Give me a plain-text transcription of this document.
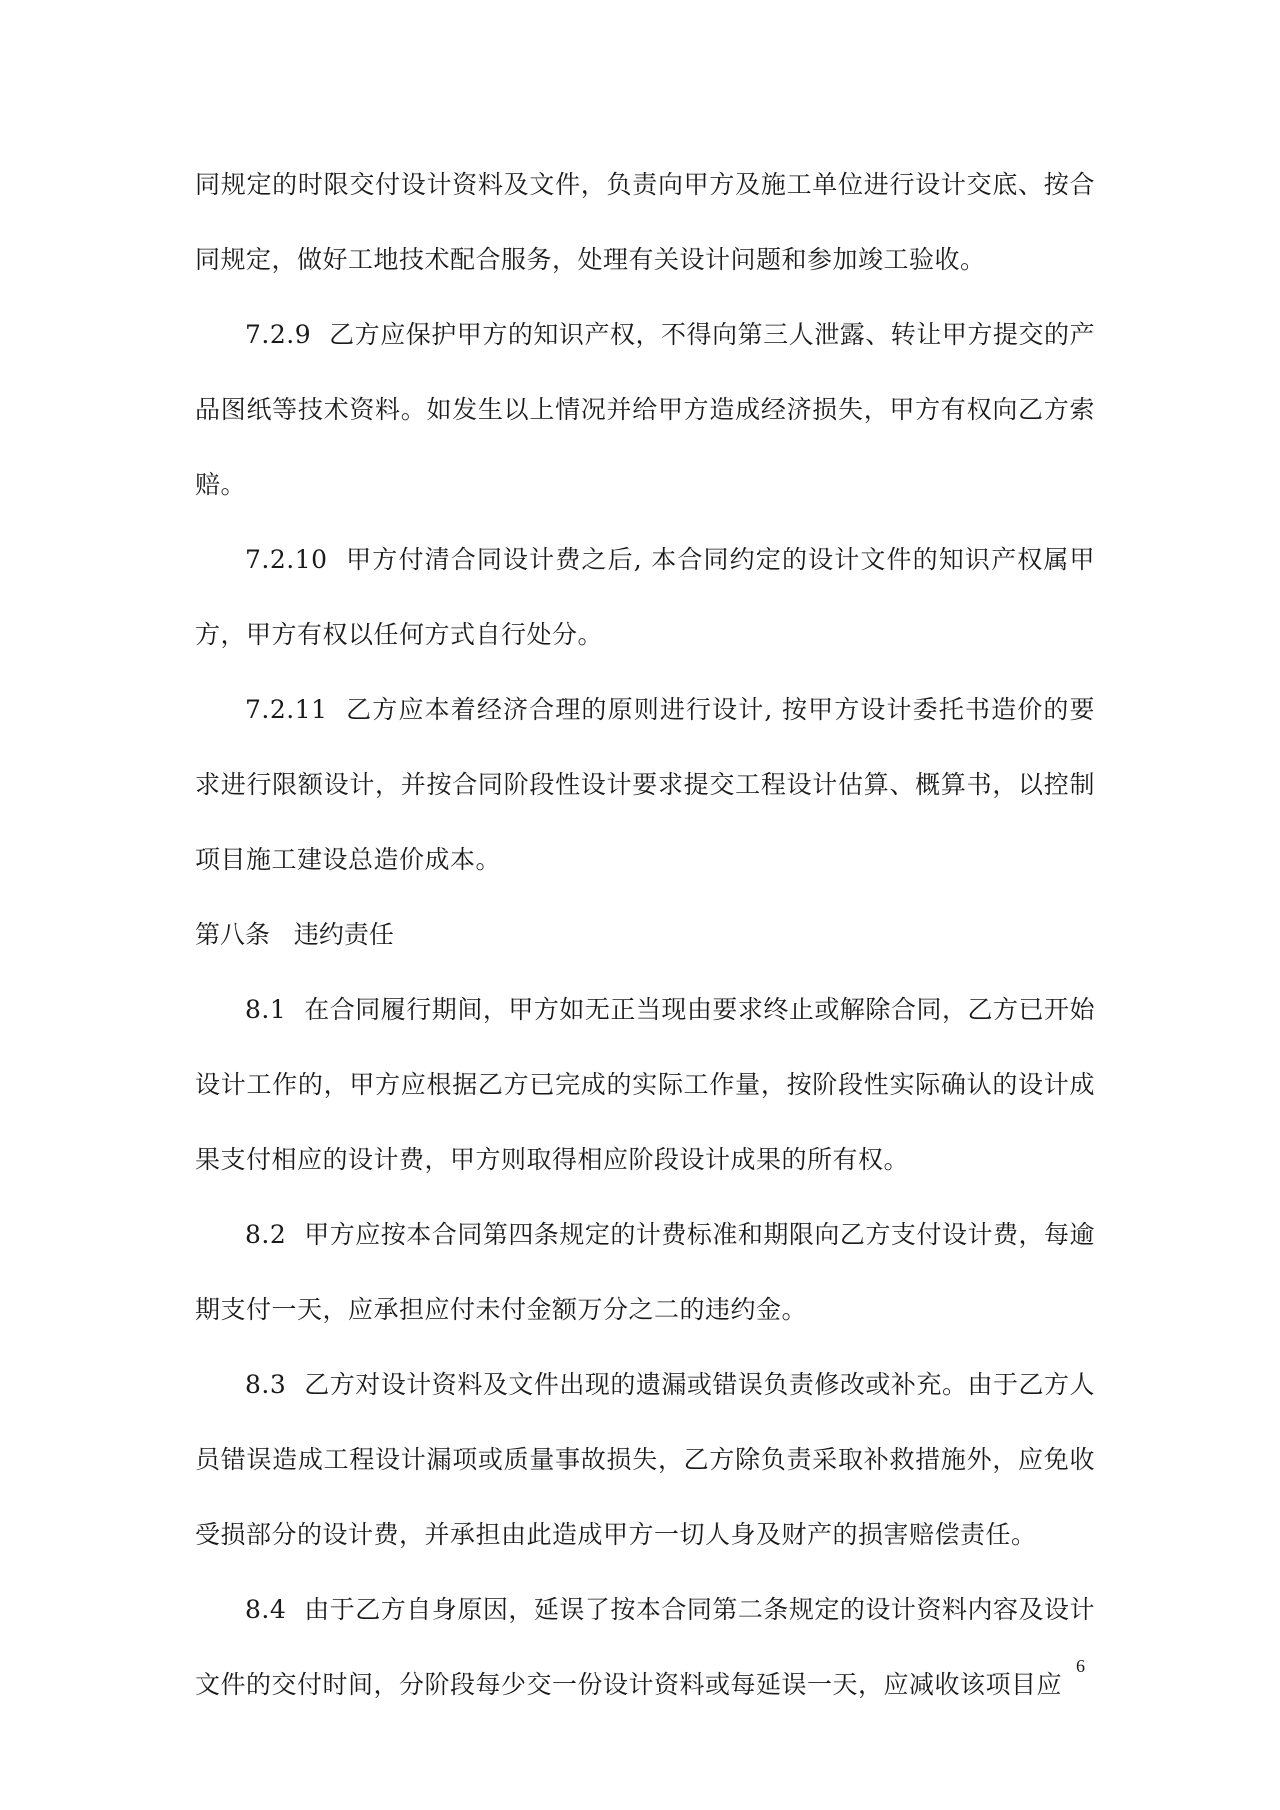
同规定的时限交付设计资料及文件，负责向甲方及施工单位进行设计交底、按合同规定，做好工地技术配合服务，处理有关设计问题和参加竣工验收。

7.2.9 乙方应保护甲方的知识产权，不得向第三人泄露、转让甲方提交的产品图纸等技术资料。如发生以上情况并给甲方造成经济损失，甲方有权向乙方索赔。

7.2.10 甲方付清合同设计费之后, 本合同约定的设计文件的知识产权属甲方，甲方有权以任何方式自行处分。

7.2.11 乙方应本着经济合理的原则进行设计, 按甲方设计委托书造价的要求进行限额设计，并按合同阶段性设计要求提交工程设计估算、概算书，以控制项目施工建设总造价成本。

第八条 违约责任

8.1 在合同履行期间，甲方如无正当现由要求终止或解除合同，乙方已开始设计工作的，甲方应根据乙方已完成的实际工作量，按阶段性实际确认的设计成果支付相应的设计费，甲方则取得相应阶段设计成果的所有权。

8.2 甲方应按本合同第四条规定的计费标准和期限向乙方支付设计费，每逾期支付一天，应承担应付未付金额万分之二的违约金。

8.3 乙方对设计资料及文件出现的遗漏或错误负责修改或补充。由于乙方人员错误造成工程设计漏项或质量事故损失，乙方除负责采取补救措施外，应免收受损部分的设计费，并承担由此造成甲方一切人身及财产的损害赔偿责任。

8.4 由于乙方自身原因，延误了按本合同第二条规定的设计资料内容及设计文件的交付时间，分阶段每少交一份设计资料或每延误一天，应减收该项目应

6
